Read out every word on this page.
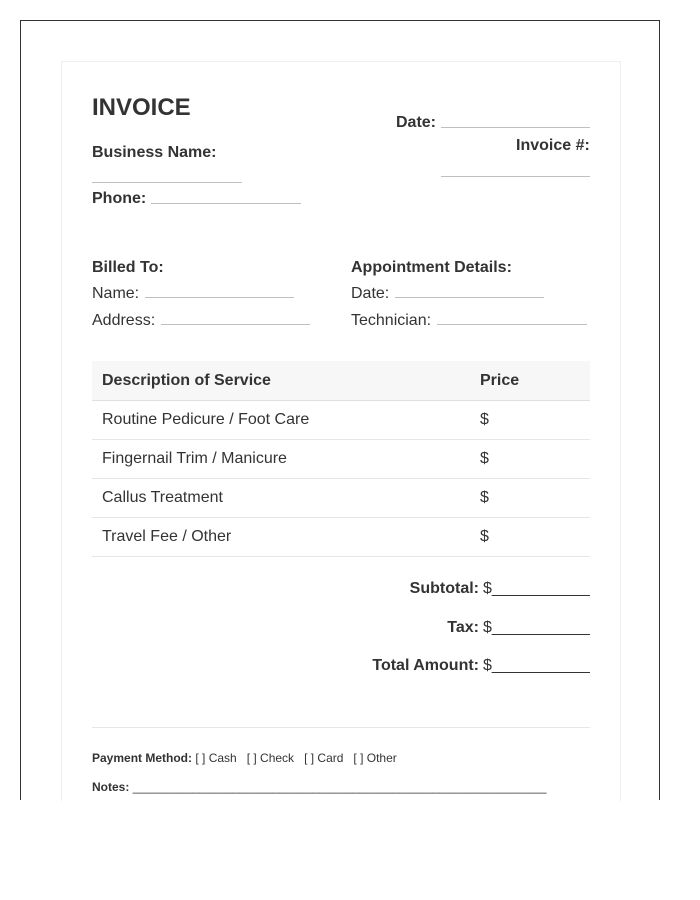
INVOICE
Date:
Invoice #:
Business Name:
Phone:
Billed To:
Name:
Address:
Appointment Details:
Date:
Technician:
Description of Service	Price
Routine Pedicure / Foot Care	$
Fingernail Trim / Manicure	$
Callus Treatment	$
Travel Fee / Other	$
Subtotal: $___________
Tax: $___________
Total Amount: $___________
Payment Method: [ ] Cash   [ ] Check   [ ] Card   [ ] Other
Notes: ______________________________________________________________
